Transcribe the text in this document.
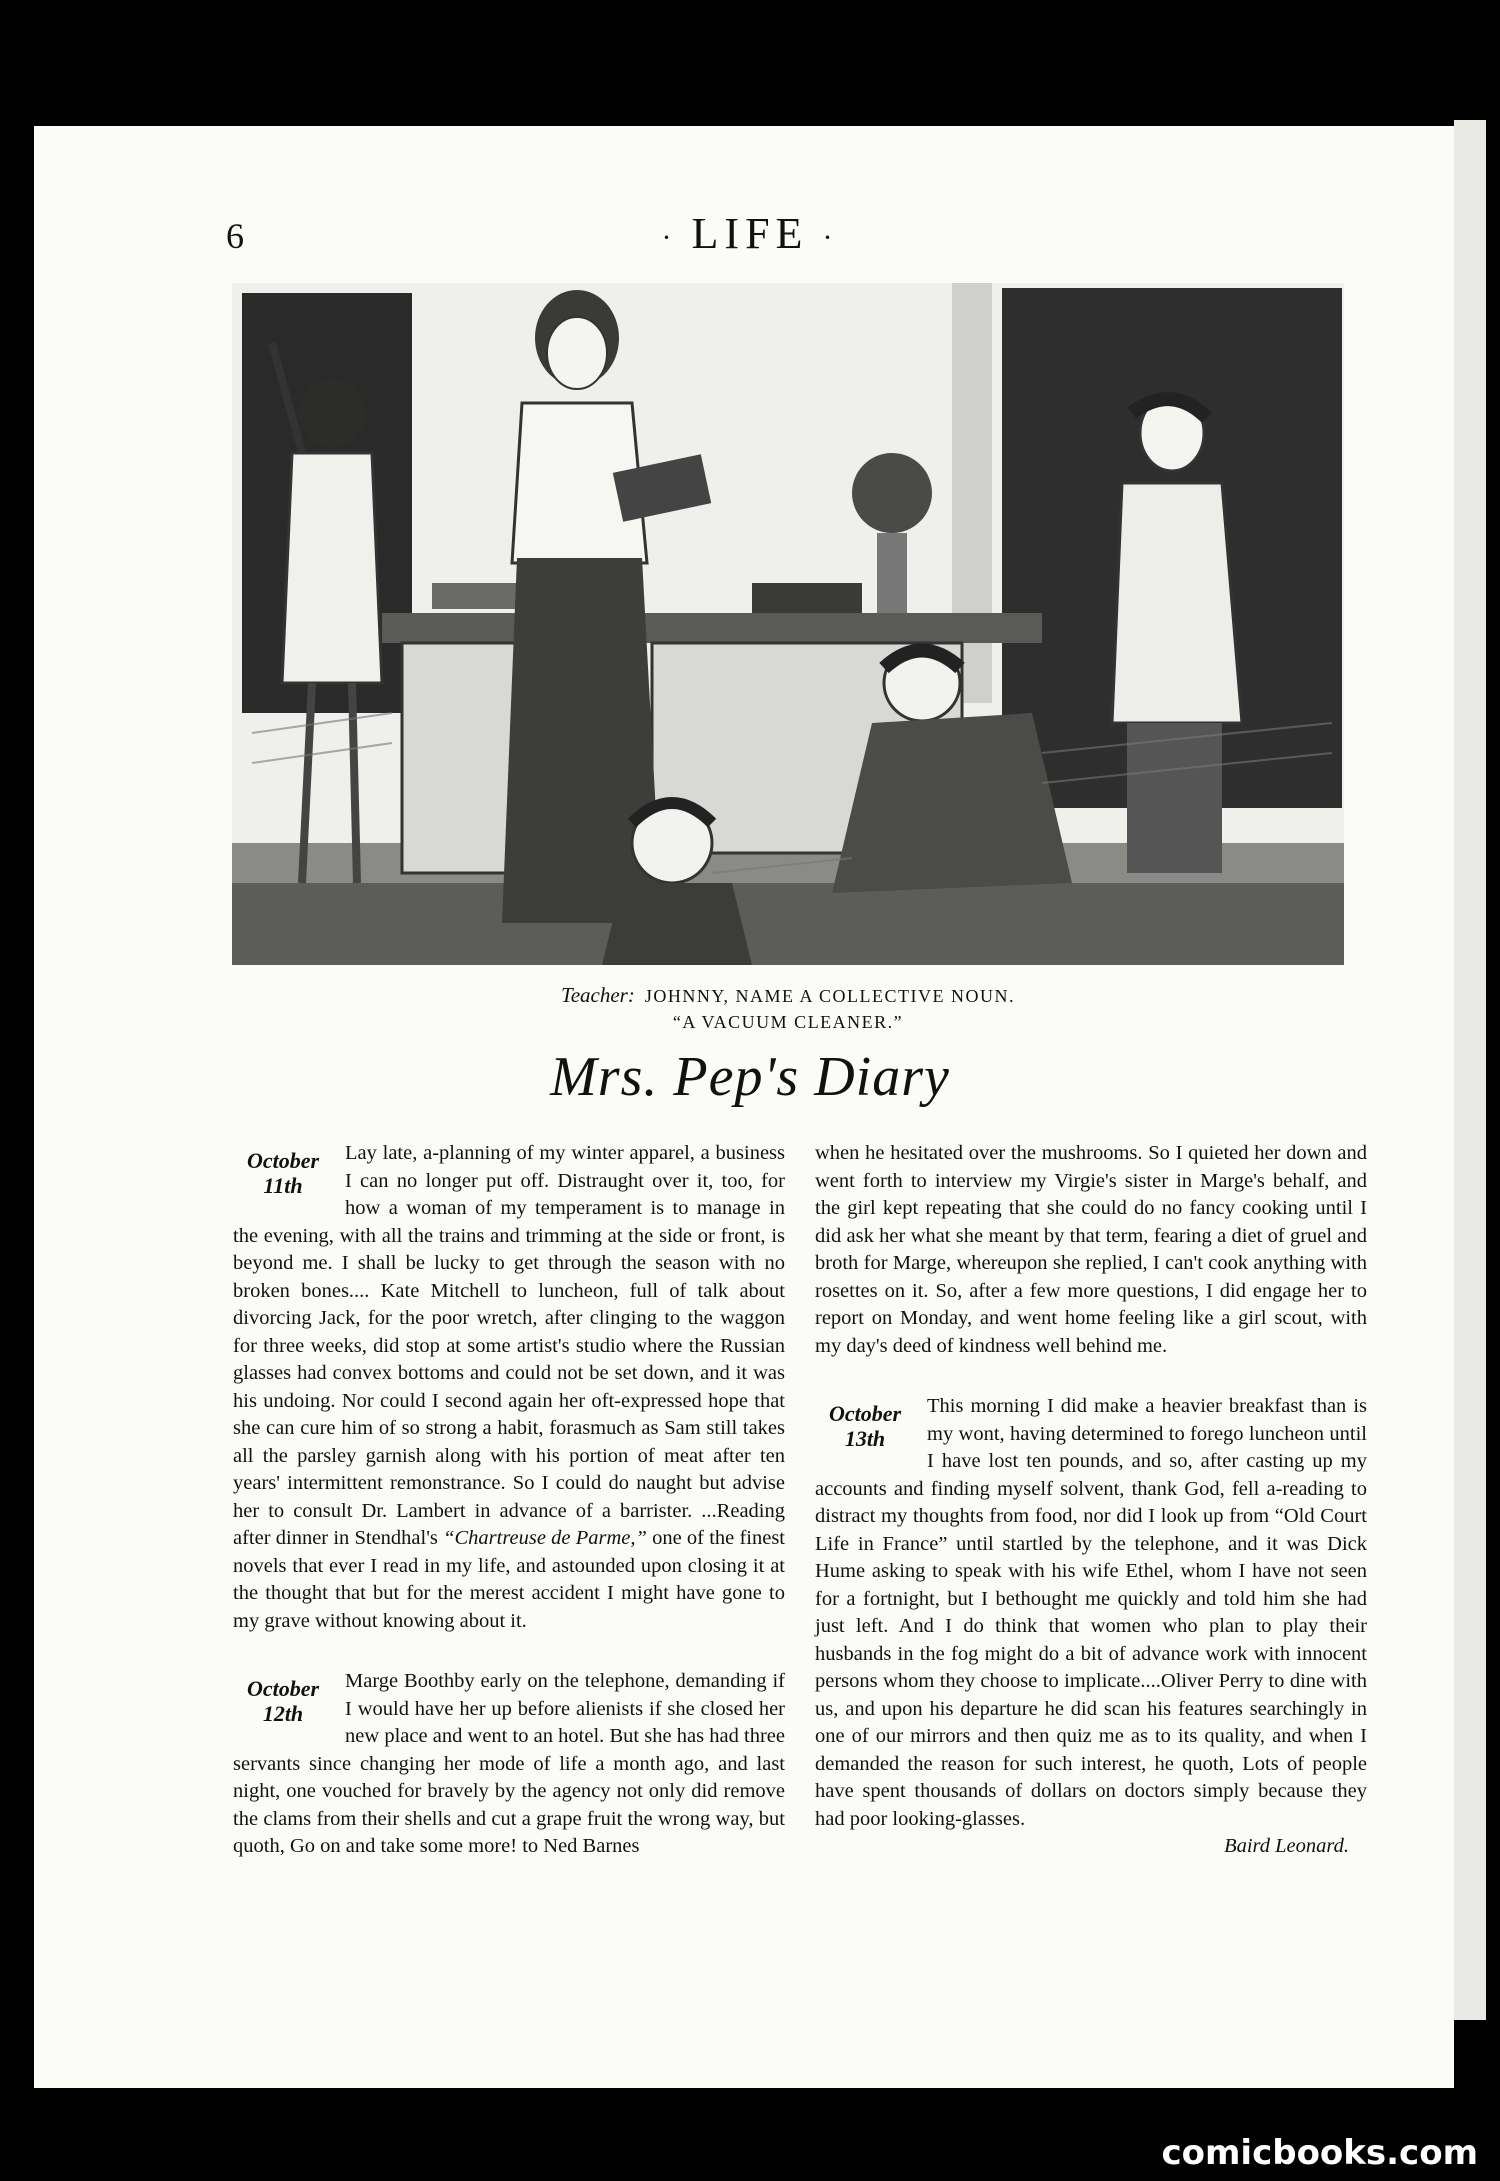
6	· LIFE ·
Teacher: JOHNNY, NAME A COLLECTIVE NOUN.
“A VACUUM CLEANER.”
Mrs. Pep's Diary
October
11th

Lay late, a-planning of my winter apparel, a business I can no longer put off. Distraught over it, too, for how a woman of my temperament is to manage in the evening, with all the trains and trimming at the side or front, is beyond me. I shall be lucky to get through the season with no broken bones.... Kate Mitchell to luncheon, full of talk about divorcing Jack, for the poor wretch, after clinging to the waggon for three weeks, did stop at some artist's studio where the Russian glasses had convex bottoms and could not be set down, and it was his undoing. Nor could I second again her oft-expressed hope that she can cure him of so strong a habit, forasmuch as Sam still takes all the parsley garnish along with his portion of meat after ten years' intermittent remonstrance. So I could do naught but advise her to consult Dr. Lambert in advance of a barrister. ...Reading after dinner in Stendhal's “Chartreuse de Parme,” one of the finest novels that ever I read in my life, and astounded upon closing it at the thought that but for the merest accident I might have gone to my grave without knowing about it.

October
12th

Marge Boothby early on the telephone, demanding if I would have her up before alienists if she closed her new place and went to an hotel. But she has had three servants since changing her mode of life a month ago, and last night, one vouched for bravely by the agency not only did remove the clams from their shells and cut a grape fruit the wrong way, but quoth, Go on and take some more! to Ned Barnes

when he hesitated over the mushrooms. So I quieted her down and went forth to interview my Virgie's sister in Marge's behalf, and the girl kept repeating that she could do no fancy cooking until I did ask her what she meant by that term, fearing a diet of gruel and broth for Marge, whereupon she replied, I can't cook anything with rosettes on it. So, after a few more questions, I did engage her to report on Monday, and went home feeling like a girl scout, with my day's deed of kindness well behind me.

October
13th

This morning I did make a heavier breakfast than is my wont, having determined to forego luncheon until I have lost ten pounds, and so, after casting up my accounts and finding myself solvent, thank God, fell a-reading to distract my thoughts from food, nor did I look up from “Old Court Life in France” until startled by the telephone, and it was Dick Hume asking to speak with his wife Ethel, whom I have not seen for a fortnight, but I bethought me quickly and told him she had just left. And I do think that women who plan to play their husbands in the fog might do a bit of advance work with innocent persons whom they choose to implicate....Oliver Perry to dine with us, and upon his departure he did scan his features searchingly in one of our mirrors and then quiz me as to its quality, and when I demanded the reason for such interest, he quoth, Lots of people have spent thousands of dollars on doctors simply because they had poor looking-glasses.

Baird Leonard.

comicbooks.com
